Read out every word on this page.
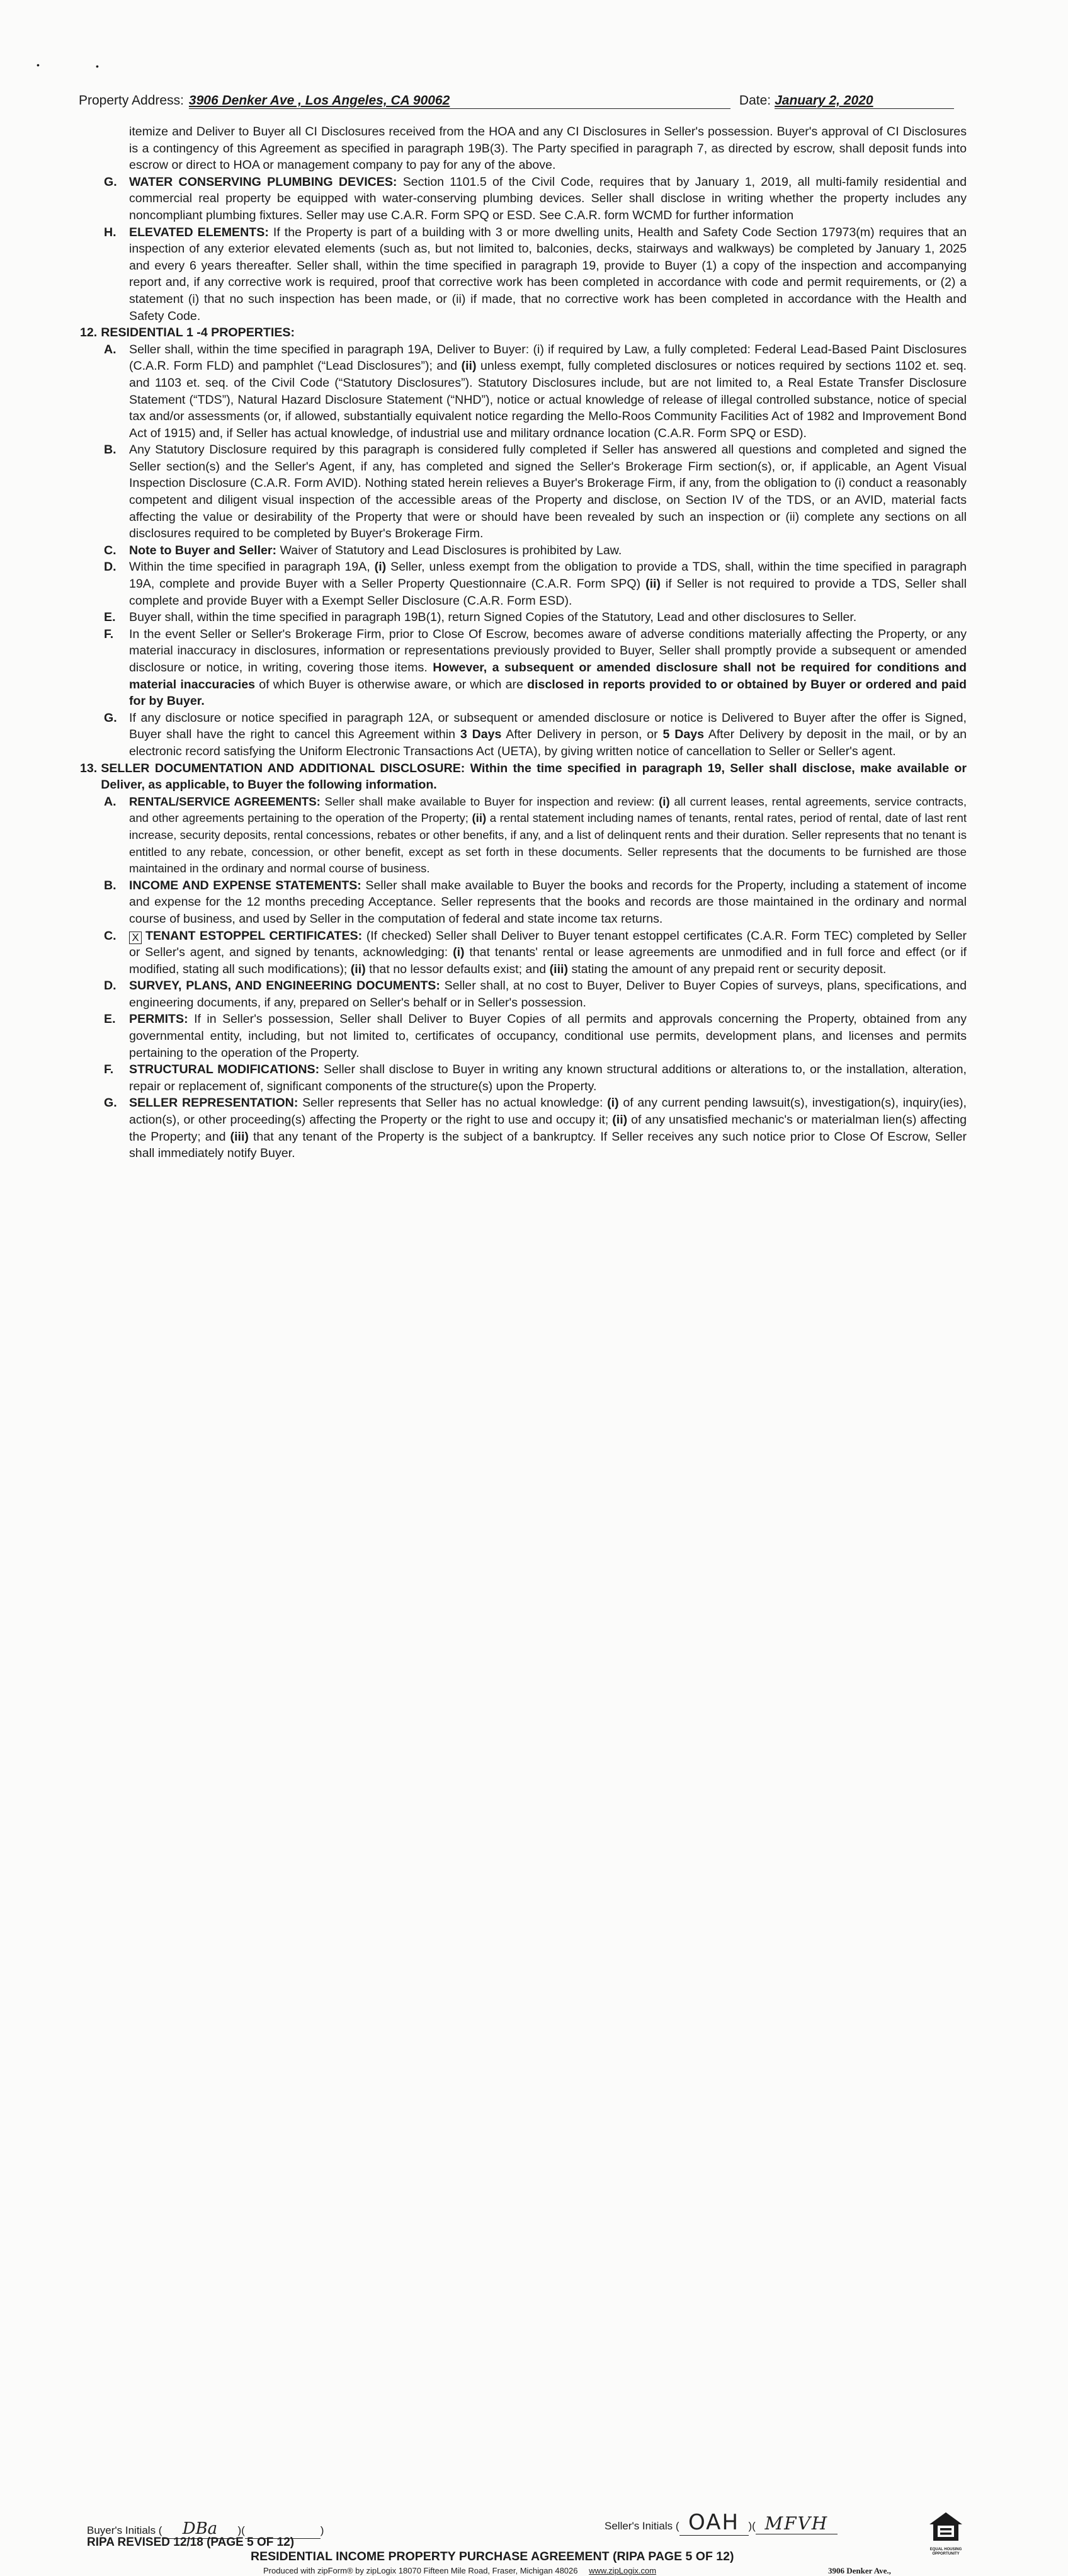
•	•
Property Address: 3906 Denker Ave , Los Angeles, CA 90062	Date: January 2, 2020

itemize and Deliver to Buyer all CI Disclosures received from the HOA and any CI Disclosures in Seller's possession. Buyer's approval of CI Disclosures is a contingency of this Agreement as specified in paragraph 19B(3). The Party specified in paragraph 7, as directed by escrow, shall deposit funds into escrow or direct to HOA or management company to pay for any of the above.

G. WATER CONSERVING PLUMBING DEVICES: Section 1101.5 of the Civil Code, requires that by January 1, 2019, all multi-family residential and commercial real property be equipped with water-conserving plumbing devices. Seller shall disclose in writing whether the property includes any noncompliant plumbing fixtures. Seller may use C.A.R. Form SPQ or ESD. See C.A.R. form WCMD for further information
H.	ELEVATED ELEMENTS: If the Property is part of a building with 3 or more dwelling units, Health and Safety Code Section 17973(m) requires that an inspection of any exterior elevated elements (such as, but not limited to, balconies, decks, stairways and walkways) be completed by January 1, 2025 and every 6 years thereafter. Seller shall, within the time specified in paragraph 19, provide to Buyer (1) a copy of the inspection and accompanying report and, if any corrective work is required, proof that corrective work has been completed in accordance with code and permit requirements, or (2) a statement (i) that no such inspection has been made, or (ii) if made, that no corrective work has been completed in accordance with the Health and Safety Code.
12. RESIDENTIAL 1 -4 PROPERTIES:
A.	Seller shall, within the time specified in paragraph 19A, Deliver to Buyer: (i) if required by Law, a fully completed: Federal Lead-Based Paint Disclosures (C.A.R. Form FLD) and pamphlet (“Lead Disclosures”); and (ii) unless exempt, fully completed disclosures or notices required by sections 1102 et. seq. and 1103 et. seq. of the Civil Code (“Statutory Disclosures”). Statutory Disclosures include, but are not limited to, a Real Estate Transfer Disclosure Statement (“TDS”), Natural Hazard Disclosure Statement (“NHD”), notice or actual knowledge of release of illegal controlled substance, notice of special tax and/or assessments (or, if allowed, substantially equivalent notice regarding the Mello-Roos Community Facilities Act of 1982 and Improvement Bond Act of 1915) and, if Seller has actual knowledge, of industrial use and military ordnance location (C.A.R. Form SPQ or ESD).
B.	Any Statutory Disclosure required by this paragraph is considered fully completed if Seller has answered all questions and completed and signed the Seller section(s) and the Seller's Agent, if any, has completed and signed the Seller's Brokerage Firm section(s), or, if applicable, an Agent Visual Inspection Disclosure (C.A.R. Form AVID). Nothing stated herein relieves a Buyer's Brokerage Firm, if any, from the obligation to (i) conduct a reasonably competent and diligent visual inspection of the accessible areas of the Property and disclose, on Section IV of the TDS, or an AVID, material facts affecting the value or desirability of the Property that were or should have been revealed by such an inspection or (ii) complete any sections on all disclosures required to be completed by Buyer's Brokerage Firm.
C.	Note to Buyer and Seller: Waiver of Statutory and Lead Disclosures is prohibited by Law.
D.	Within the time specified in paragraph 19A, (i) Seller, unless exempt from the obligation to provide a TDS, shall, within the time specified in paragraph 19A, complete and provide Buyer with a Seller Property Questionnaire (C.A.R. Form SPQ) (ii) if Seller is not required to provide a TDS, Seller shall complete and provide Buyer with a Exempt Seller Disclosure (C.A.R. Form ESD).
E.	Buyer shall, within the time specified in paragraph 19B(1), return Signed Copies of the Statutory, Lead and other disclosures to Seller.
F.	In the event Seller or Seller's Brokerage Firm, prior to Close Of Escrow, becomes aware of adverse conditions materially affecting the Property, or any material inaccuracy in disclosures, information or representations previously provided to Buyer, Seller shall promptly provide a subsequent or amended disclosure or notice, in writing, covering those items. However, a subsequent or amended disclosure shall not be required for conditions and material inaccuracies of which Buyer is otherwise aware, or which are disclosed in reports provided to or obtained by Buyer or ordered and paid for by Buyer.
G. If any disclosure or notice specified in paragraph 12A, or subsequent or amended disclosure or notice is Delivered to Buyer after the offer is Signed, Buyer shall have the right to cancel this Agreement within 3 Days After Delivery in person, or 5 Days After Delivery by deposit in the mail, or by an electronic record satisfying the Uniform Electronic Transactions Act (UETA), by giving written notice of cancellation to Seller or Seller's agent.
13. SELLER DOCUMENTATION AND ADDITIONAL DISCLOSURE: Within the time specified in paragraph 19, Seller shall disclose, make available or Deliver, as applicable, to Buyer the following information.
A.	RENTAL/SERVICE AGREEMENTS: Seller shall make available to Buyer for inspection and review: (i) all current leases, rental agreements, service contracts, and other agreements pertaining to the operation of the Property; (ii) a rental statement including names of tenants, rental rates, period of rental, date of last rent increase, security deposits, rental concessions, rebates or other benefits, if any, and a list of delinquent rents and their duration. Seller represents that no tenant is entitled to any rebate, concession, or other benefit, except as set forth in these documents. Seller represents that the documents to be furnished are those maintained in the ordinary and normal course of business.
B.	INCOME AND EXPENSE STATEMENTS: Seller shall make available to Buyer the books and records for the Property, including a statement of income and expense for the 12 months preceding Acceptance. Seller represents that the books and records are those maintained in the ordinary and normal course of business, and used by Seller in the computation of federal and state income tax returns.
C.	X TENANT ESTOPPEL CERTIFICATES: (If checked) Seller shall Deliver to Buyer tenant estoppel certificates (C.A.R. Form TEC) completed by Seller or Seller's agent, and signed by tenants, acknowledging: (i) that tenants' rental or lease agreements are unmodified and in full force and effect (or if modified, stating all such modifications); (ii) that no lessor defaults exist; and (iii) stating the amount of any prepaid rent or security deposit.
D.	SURVEY, PLANS, AND ENGINEERING DOCUMENTS: Seller shall, at no cost to Buyer, Deliver to Buyer Copies of surveys, plans, specifications, and engineering documents, if any, prepared on Seller's behalf or in Seller's possession.
E.	PERMITS: If in Seller's possession, Seller shall Deliver to Buyer Copies of all permits and approvals concerning the Property, obtained from any governmental entity, including, but not limited to, certificates of occupancy, conditional use permits, development plans, and licenses and permits pertaining to the operation of the Property.
F.	STRUCTURAL MODIFICATIONS: Seller shall disclose to Buyer in writing any known structural additions or alterations to, or the installation, alteration, repair or replacement of, significant components of the structure(s) upon the Property.
G. SELLER REPRESENTATION: Seller represents that Seller has no actual knowledge: (i) of any current pending lawsuit(s), investigation(s), inquiry(ies), action(s), or other proceeding(s) affecting the Property or the right to use and occupy it; (ii) of any unsatisfied mechanic's or materialman lien(s) affecting the Property; and (iii) that any tenant of the Property is the subject of a bankruptcy. If Seller receives any such notice prior to Close Of Escrow, Seller shall immediately notify Buyer.
Buyer's Initials (	DBa	)(
	)	Seller's Initials ( OAH )( MFVH
RIPA REVISED 12/18 (PAGE 5 OF 12)
RESIDENTIAL INCOME PROPERTY PURCHASE AGREEMENT (RIPA PAGE 5 OF 12)
Produced with zipForm® by zipLogix 18070 Fifteen Mile Road, Fraser, Michigan 48026 www.zipLogix.com	3906 Denker Ave.,
EQUAL HOUSING OPPORTUNITY
